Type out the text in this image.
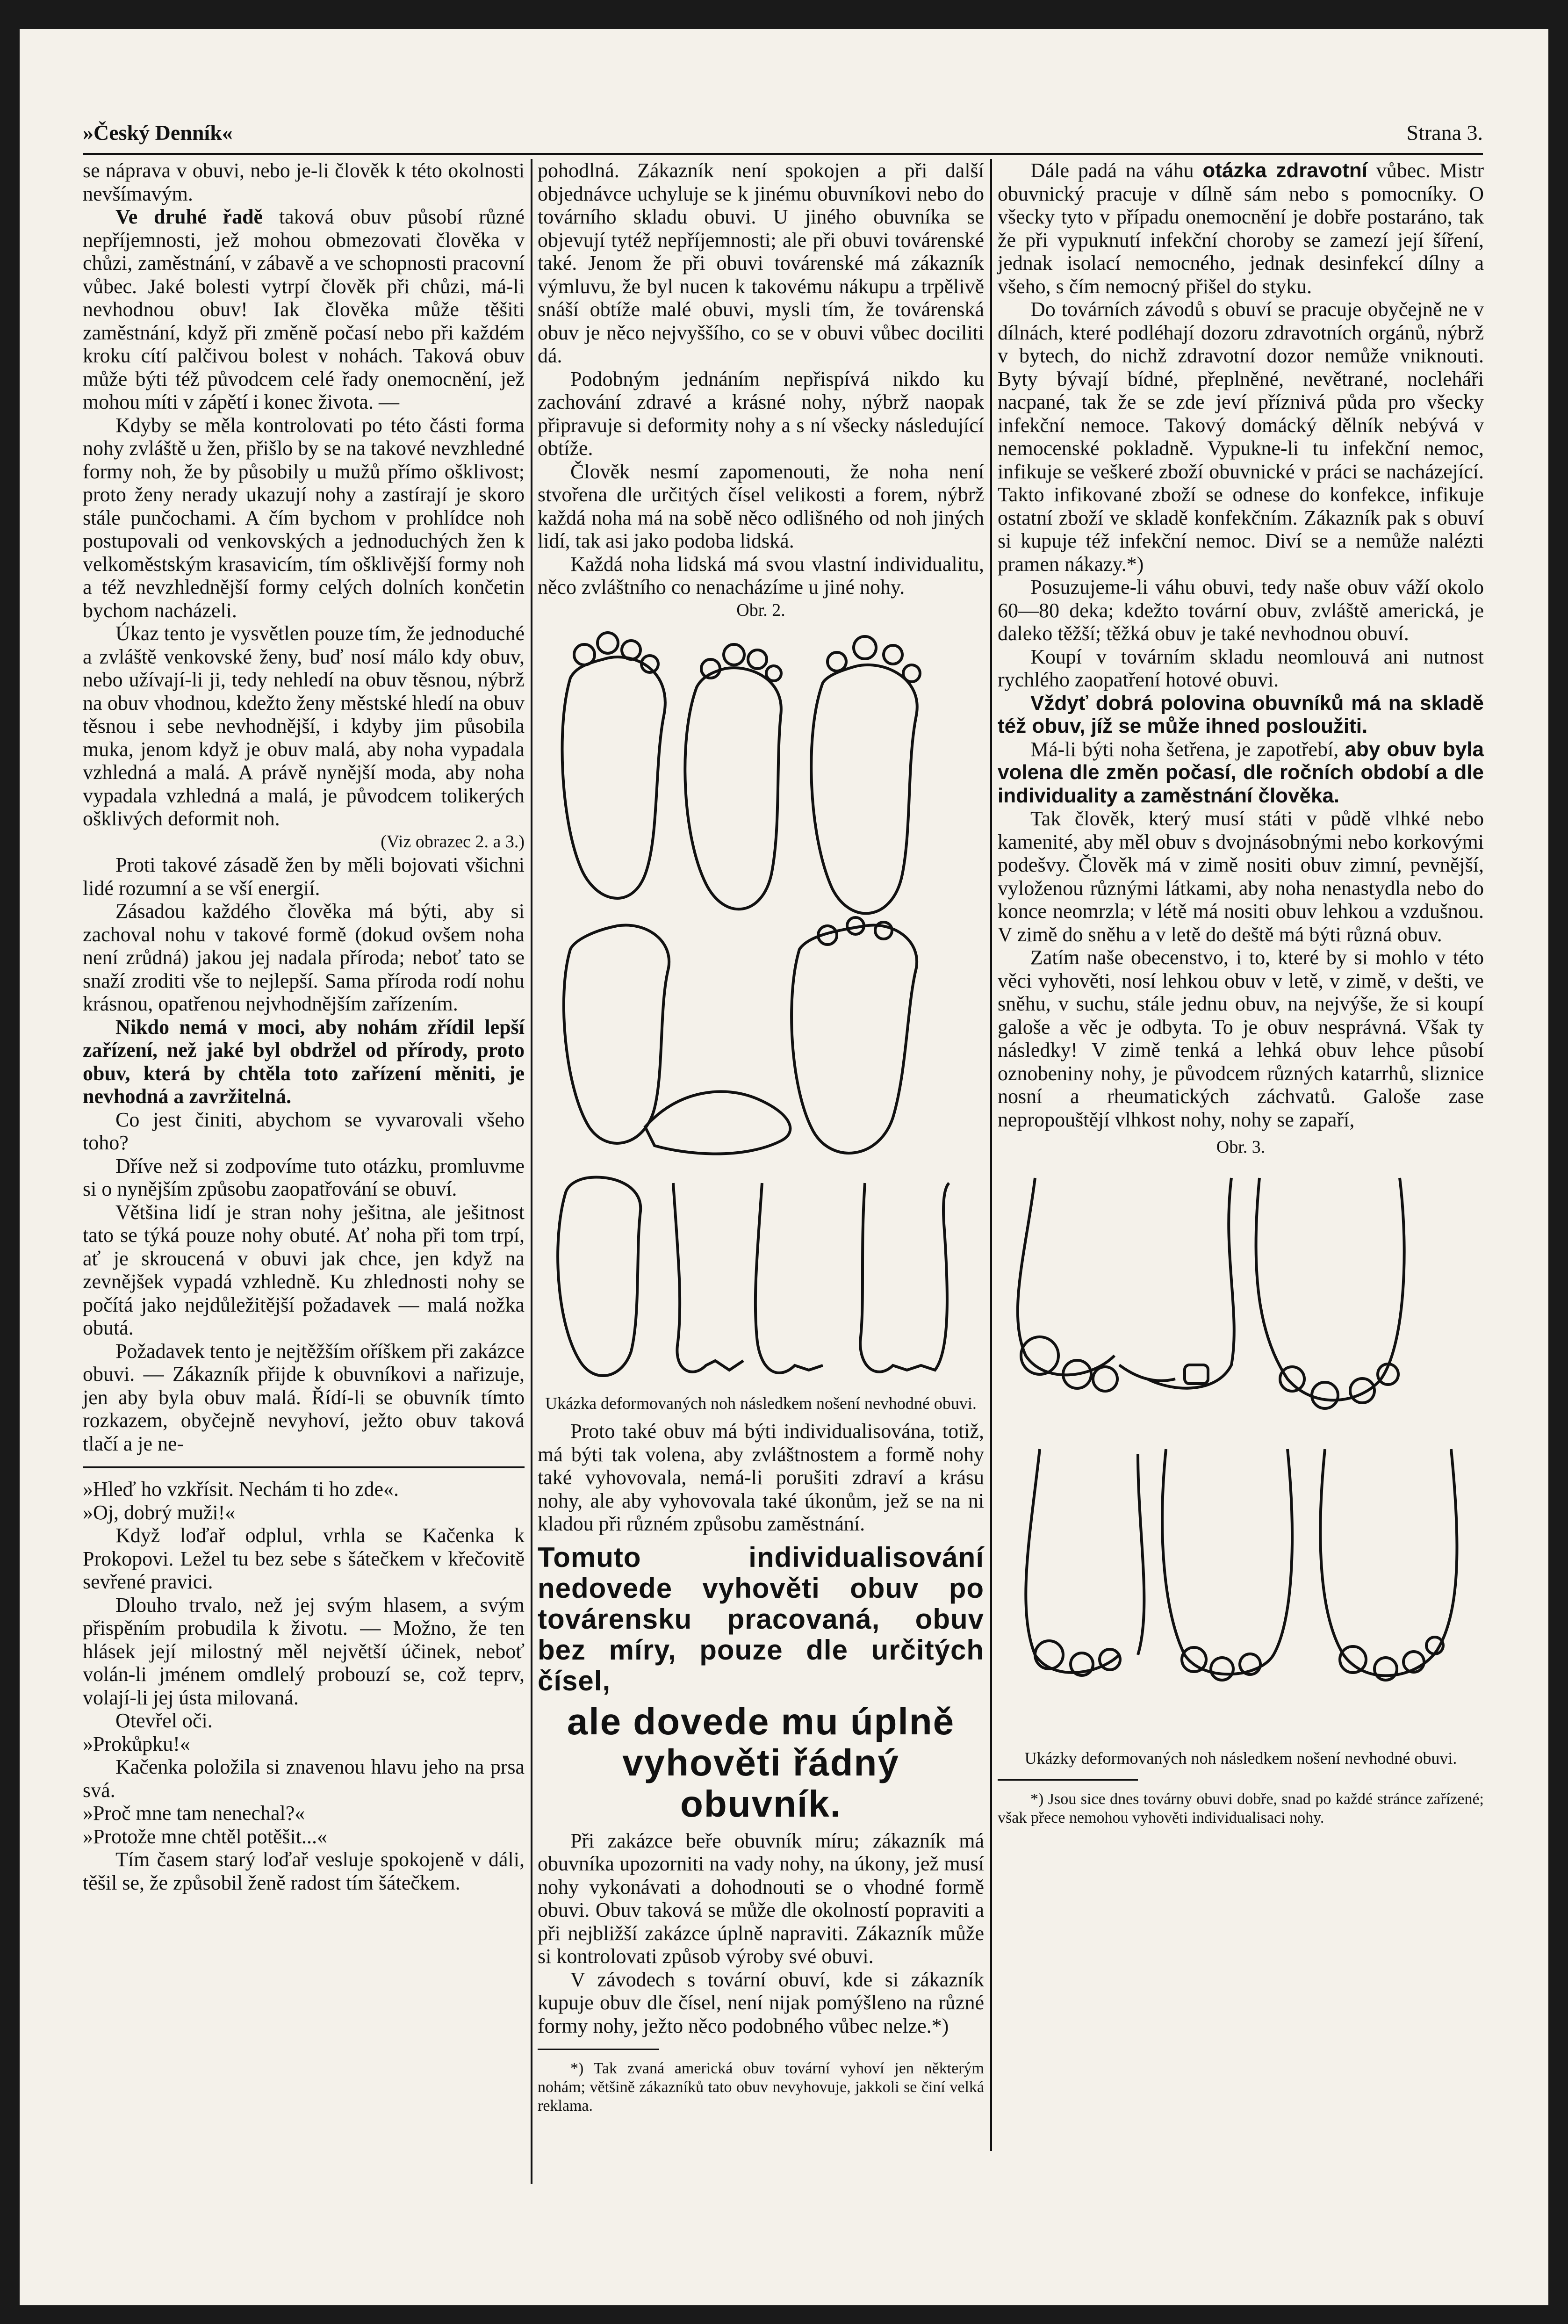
»Český Denník«	Strana 3.

se náprava v obuvi, nebo je-li člověk k této okolnosti nevšímavým.

Ve druhé řadě taková obuv působí různé nepříjemnosti, jež mohou obmezovati člověka v chůzi, zaměstnání, v zábavě a ve schopnosti pracovní vůbec. Jaké bolesti vytrpí člověk při chůzi, má-li nevhodnou obuv! Iak člověka může těšiti zaměstnání, když při změně počasí nebo při každém kroku cítí palčivou bolest v nohách. Taková obuv může býti též původcem celé řady onemocnění, jež mohou míti v zápětí i konec života. —

Kdyby se měla kontrolovati po této části forma nohy zvláště u žen, přišlo by se na takové nevzhledné formy noh, že by působily u mužů přímo ošklivost; proto ženy nerady ukazují nohy a zastírají je skoro stále punčochami. A čím bychom v prohlídce noh postupovali od venkovských a jednoduchých žen k velkoměstským krasavicím, tím ošklivější formy noh a též nevzhlednější formy celých dolních končetin bychom nacházeli.

Úkaz tento je vysvětlen pouze tím, že jednoduché a zvláště venkovské ženy, buď nosí málo kdy obuv, nebo užívají-li ji, tedy nehledí na obuv těsnou, nýbrž na obuv vhodnou, kdežto ženy městské hledí na obuv těsnou i sebe nevhodnější, i kdyby jim působila muka, jenom když je obuv malá, aby noha vypadala vzhledná a malá. A právě nynější moda, aby noha vypadala vzhledná a malá, je původcem tolikerých ošklivých deformit noh.

(Viz obrazec 2. a 3.)

Proti takové zásadě žen by měli bojovati všichni lidé rozumní a se vší energií.

Zásadou každého člověka má býti, aby si zachoval nohu v takové formě (dokud ovšem noha není zrůdná) jakou jej nadala příroda; neboť tato se snaží zroditi vše to nejlepší. Sama příroda rodí nohu krásnou, opatřenou nejvhodnějším zařízením.

Nikdo nemá v moci, aby nohám zřídil lepší zařízení, než jaké byl obdržel od přírody, proto obuv, která by chtěla toto zařízení měniti, je nevhodná a zavržitelná.

Co jest činiti, abychom se vyvarovali všeho toho?

Dříve než si zodpovíme tuto otázku, promluvme si o nynějším způsobu zaopatřování se obuví.

Většina lidí je stran nohy ješitna, ale ješitnost tato se týká pouze nohy obuté. Ať noha při tom trpí, ať je skroucená v obuvi jak chce, jen když na zevnějšek vypadá vzhledně. Ku zhlednosti nohy se počítá jako nejdůležitější požadavek — malá nožka obutá.

Požadavek tento je nejtěžším oříškem při zakázce obuvi. — Zákazník přijde k obuvníkovi a nařizuje, jen aby byla obuv malá. Řídí-li se obuvník tímto rozkazem, obyčejně nevyhoví, ježto obuv taková tlačí a je ne-

»Hleď ho vzkřísit. Nechám ti ho zde«.

»Oj, dobrý muži!«

Když loďař odplul, vrhla se Kačenka k Prokopovi. Ležel tu bez sebe s šátečkem v křečovitě sevřené pravici.

Dlouho trvalo, než jej svým hlasem, a svým přispěním probudila k životu. — Možno, že ten hlásek její milostný měl největší účinek, neboť volán-li jménem omdlelý probouzí se, což teprv, volají-li jej ústa milovaná.

Otevřel oči.

»Prokůpku!«

Kačenka položila si znavenou hlavu jeho na prsa svá.

»Proč mne tam nenechal?«

»Protože mne chtěl potěšit...«

Tím časem starý loďař vesluje spokojeně v dáli, těšil se, že způsobil ženě radost tím šátečkem.

pohodlná. Zákazník není spokojen a při další objednávce uchyluje se k jinému obuvníkovi nebo do továrního skladu obuvi. U jiného obuvníka se objevují tytéž nepříjemnosti; ale při obuvi továrenské také. Jenom že při obuvi továrenské má zákazník výmluvu, že byl nucen k takovému nákupu a trpělivě snáší obtíže malé obuvi, mysli tím, že továrenská obuv je něco nejvyššího, co se v obuvi vůbec dociliti dá.

Podobným jednáním nepřispívá nikdo ku zachování zdravé a krásné nohy, nýbrž naopak připravuje si deformity nohy a s ní všecky následující obtíže.

Člověk nesmí zapomenouti, že noha není stvořena dle určitých čísel velikosti a forem, nýbrž každá noha má na sobě něco odlišného od noh jiných lidí, tak asi jako podoba lidská.

Každá noha lidská má svou vlastní individualitu, něco zvláštního co nenacházíme u jiné nohy.

Obr. 2.
Ukázka deformovaných noh následkem nošení nevhodné obuvi.

Proto také obuv má býti individualisována, totiž, má býti tak volena, aby zvláštnostem a formě nohy také vyhovovala, nemá-li porušiti zdraví a krásu nohy, ale aby vyhovovala také úkonům, jež se na ni kladou při různém způsobu zaměstnání.

Tomuto individualisování nedovede vyhověti obuv po továrensku pracovaná, obuv bez míry, pouze dle určitých čísel,
ale dovede mu úplně vyhověti řádný obuvník.

Při zakázce beře obuvník míru; zákazník má obuvníka upozorniti na vady nohy, na úkony, jež musí nohy vykonávati a dohodnouti se o vhodné formě obuvi. Obuv taková se může dle okolností popraviti a při nejbližší zakázce úplně napraviti. Zákazník může si kontrolovati způsob výroby své obuvi.

V závodech s tovární obuví, kde si zákazník kupuje obuv dle čísel, není nijak pomýšleno na různé formy nohy, ježto něco podobného vůbec nelze.*)

*) Tak zvaná americká obuv tovární vyhoví jen některým nohám; většině zákazníků tato obuv nevyhovuje, jakkoli se činí velká reklama.

Dále padá na váhu otázka zdravotní vůbec. Mistr obuvnický pracuje v dílně sám nebo s pomocníky. O všecky tyto v případu onemocnění je dobře postaráno, tak že při vypuknutí infekční choroby se zamezí její šíření, jednak isolací nemocného, jednak desinfekcí dílny a všeho, s čím nemocný přišel do styku.

Do továrních závodů s obuví se pracuje obyčejně ne v dílnách, které podléhají dozoru zdravotních orgánů, nýbrž v bytech, do nichž zdravotní dozor nemůže vniknouti. Byty bývají bídné, přeplněné, nevětrané, nocleháři nacpané, tak že se zde jeví příznivá půda pro všecky infekční nemoce. Takový domácký dělník nebývá v nemocenské pokladně. Vypukne-li tu infekční nemoc, infikuje se veškeré zboží obuvnické v práci se nacházející. Takto infikované zboží se odnese do konfekce, infikuje ostatní zboží ve skladě konfekčním. Zákazník pak s obuví si kupuje též infekční nemoc. Diví se a nemůže nalézti pramen nákazy.*)

Posuzujeme-li váhu obuvi, tedy naše obuv váží okolo 60—80 deka; kdežto tovární obuv, zvláště americká, je daleko těžší; těžká obuv je také nevhodnou obuví.

Koupí v továrním skladu neomlouvá ani nutnost rychlého zaopatření hotové obuvi.

Vždyť dobrá polovina obuvníků má na skladě též obuv, jíž se může ihned posloužiti.

Má-li býti noha šetřena, je zapotřebí, aby obuv byla volena dle změn počasí, dle ročních období a dle individuality a zaměstnání člověka.

Tak člověk, který musí státi v půdě vlhké nebo kamenité, aby měl obuv s dvojnásobnými nebo korkovými podešvy. Člověk má v zimě nositi obuv zimní, pevnější, vyloženou různými látkami, aby noha nenastydla nebo do konce neomrzla; v létě má nositi obuv lehkou a vzdušnou. V zimě do sněhu a v letě do deště má býti různá obuv.

Zatím naše obecenstvo, i to, které by si mohlo v této věci vyhověti, nosí lehkou obuv v letě, v zimě, v dešti, ve sněhu, v suchu, stále jednu obuv, na nejvýše, že si koupí galoše a věc je odbyta. To je obuv nesprávná. Však ty následky! V zimě tenká a lehká obuv lehce působí oznobeniny nohy, je původcem různých katarrhů, sliznice nosní a rheumatických záchvatů. Galoše zase nepropouštějí vlhkost nohy, nohy se zapaří,

Obr. 3.
Ukázky deformovaných noh následkem nošení nevhodné obuvi.

*) Jsou sice dnes továrny obuvi dobře, snad po každé stránce zařízené; však přece nemohou vyhověti individualisaci nohy.
